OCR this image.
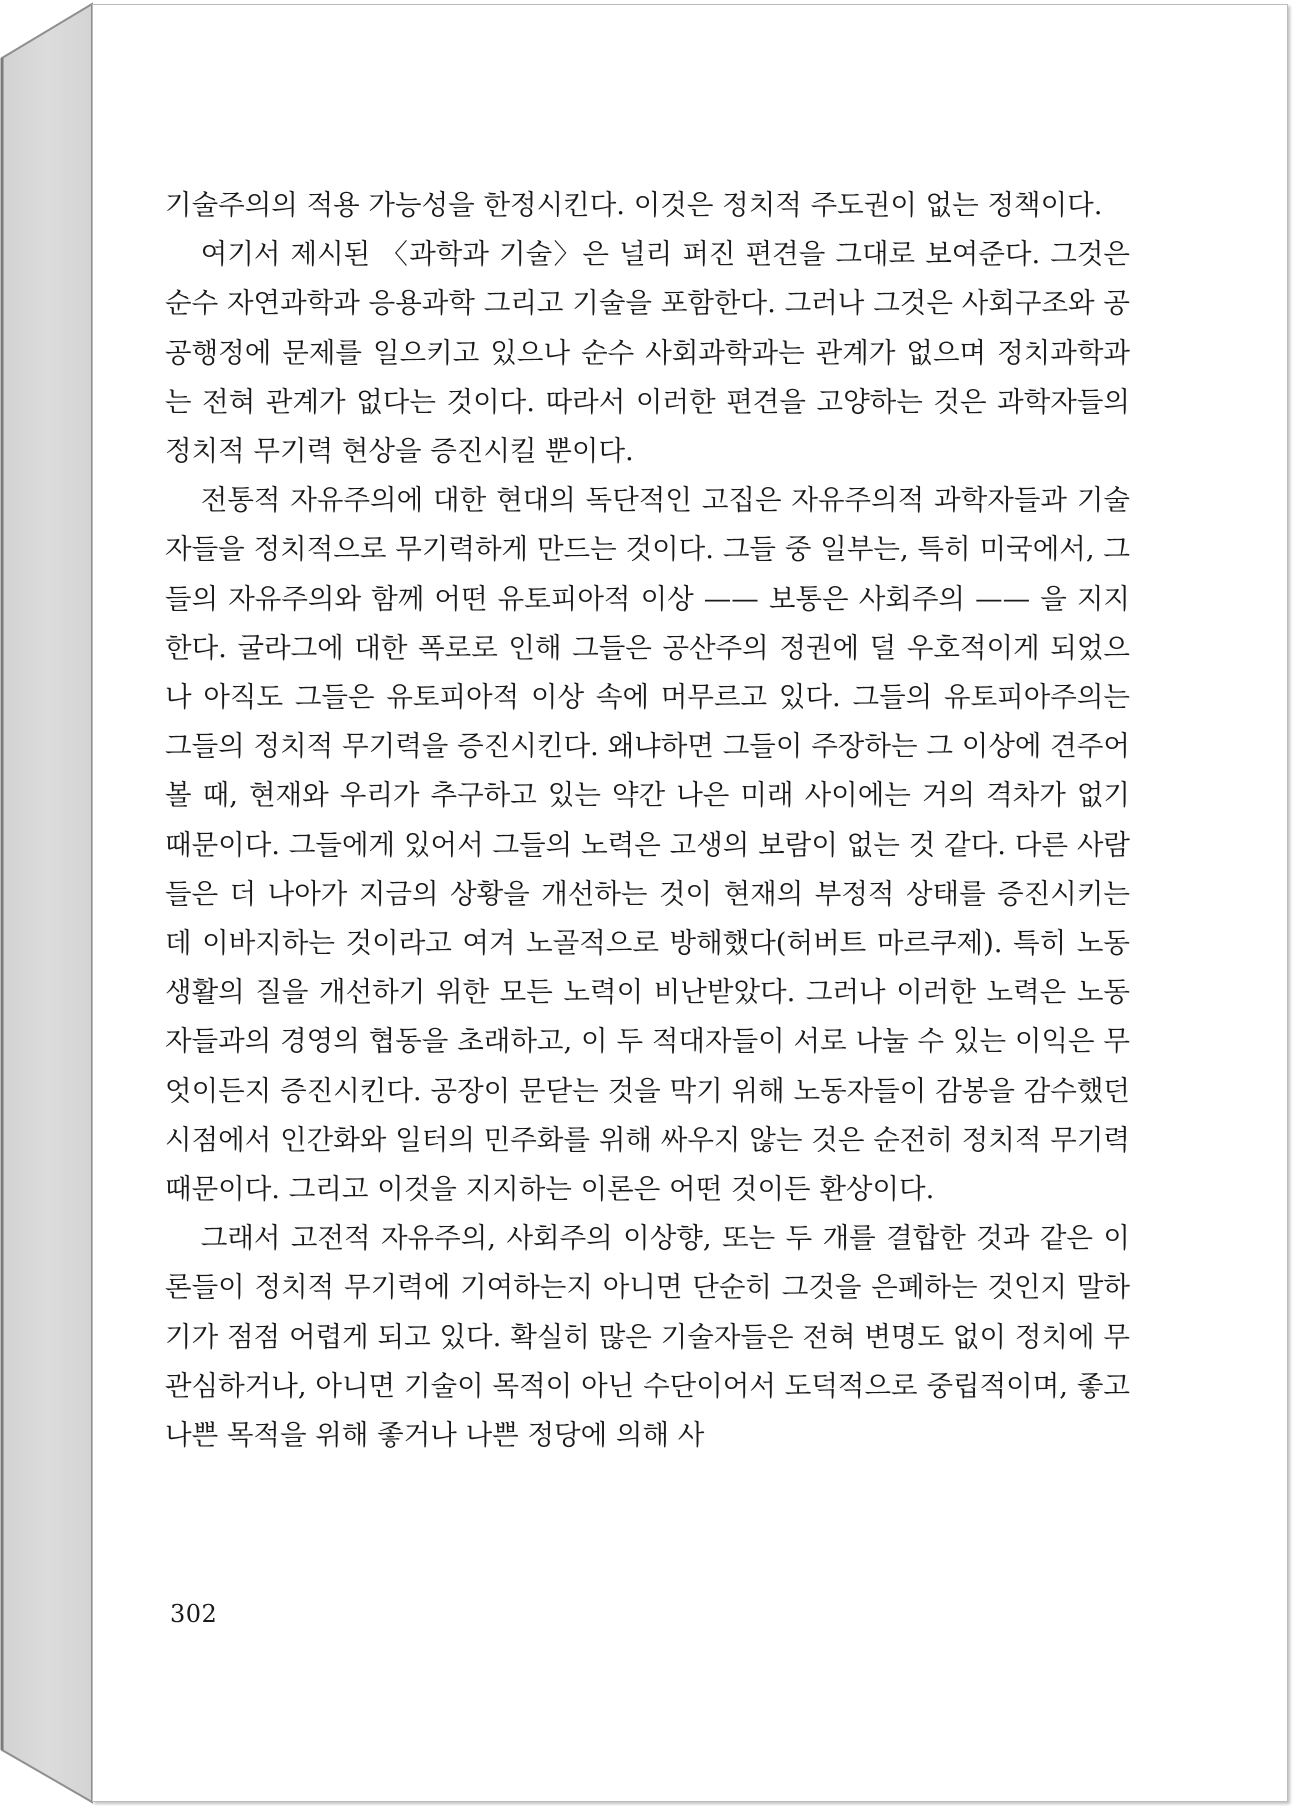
기술주의의 적용 가능성을 한정시킨다. 이것은 정치적 주도권이 없는 정책이다.

여기서 제시된 〈과학과 기술〉은 널리 퍼진 편견을 그대로 보여준다. 그것은 순수 자연과학과 응용과학 그리고 기술을 포함한다. 그러나 그것은 사회구조와 공공행정에 문제를 일으키고 있으나 순수 사회과학과는 관계가 없으며 정치과학과는 전혀 관계가 없다는 것이다. 따라서 이러한 편견을 고양하는 것은 과학자들의 정치적 무기력 현상을 증진시킬 뿐이다.

전통적 자유주의에 대한 현대의 독단적인 고집은 자유주의적 과학자들과 기술자들을 정치적으로 무기력하게 만드는 것이다. 그들 중 일부는, 특히 미국에서, 그들의 자유주의와 함께 어떤 유토피아적 이상 —— 보통은 사회주의 —— 을 지지한다. 굴라그에 대한 폭로로 인해 그들은 공산주의 정권에 덜 우호적이게 되었으나 아직도 그들은 유토피아적 이상 속에 머무르고 있다. 그들의 유토피아주의는 그들의 정치적 무기력을 증진시킨다. 왜냐하면 그들이 주장하는 그 이상에 견주어 볼 때, 현재와 우리가 추구하고 있는 약간 나은 미래 사이에는 거의 격차가 없기 때문이다. 그들에게 있어서 그들의 노력은 고생의 보람이 없는 것 같다. 다른 사람들은 더 나아가 지금의 상황을 개선하는 것이 현재의 부정적 상태를 증진시키는 데 이바지하는 것이라고 여겨 노골적으로 방해했다(허버트 마르쿠제). 특히 노동 생활의 질을 개선하기 위한 모든 노력이 비난받았다. 그러나 이러한 노력은 노동자들과의 경영의 협동을 초래하고, 이 두 적대자들이 서로 나눌 수 있는 이익은 무엇이든지 증진시킨다. 공장이 문닫는 것을 막기 위해 노동자들이 감봉을 감수했던 시점에서 인간화와 일터의 민주화를 위해 싸우지 않는 것은 순전히 정치적 무기력 때문이다. 그리고 이것을 지지하는 이론은 어떤 것이든 환상이다.

그래서 고전적 자유주의, 사회주의 이상향, 또는 두 개를 결합한 것과 같은 이론들이 정치적 무기력에 기여하는지 아니면 단순히 그것을 은폐하는 것인지 말하기가 점점 어렵게 되고 있다. 확실히 많은 기술자들은 전혀 변명도 없이 정치에 무관심하거나, 아니면 기술이 목적이 아닌 수단이어서 도덕적으로 중립적이며, 좋고 나쁜 목적을 위해 좋거나 나쁜 정당에 의해 사

302
